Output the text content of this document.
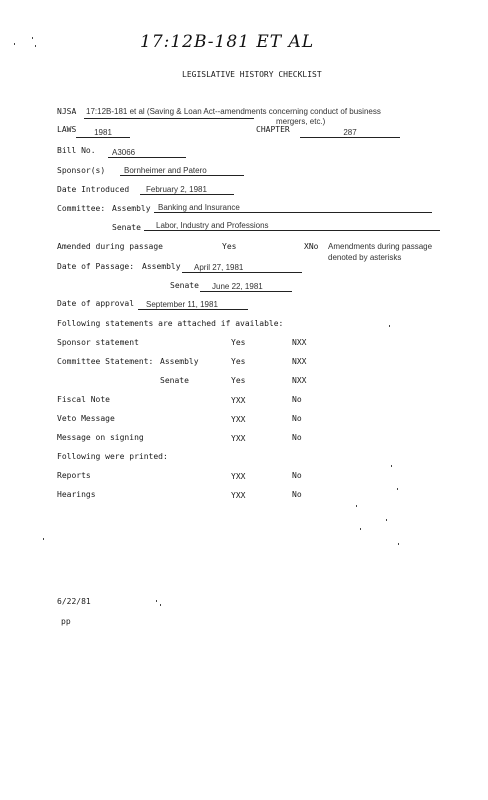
17:12B-181 ET AL
LEGISLATIVE HISTORY CHECKLIST
NJSA 17:12B-181 et al (Saving & Loan Act--amendments concerning conduct of business
mergers, etc.)
LAWS	1981	CHAPTER	287
Bill No.	A3066
Sponsor(s)	Bornheimer and Patero
Date Introduced	February 2, 1981
Committee: Assembly Banking and Insurance
Senate	Labor, Industry and Professions
Amended during passage	Yes	XNo Amendments during passage
denoted by asterisks
Date of Passage: Assembly	April 27, 1981
Senate	June 22, 1981
Date of approval	September 11, 1981
Following statements are attached if available:
Sponsor statement	Yes	NXX
Committee Statement: Assembly	Yes	NXX
Senate	Yes	NXX
Fiscal Note	YXX	No
Veto Message	YXX	No
Message on signing	YXX	No
Following were printed:
Reports	YXX	No
Hearings	YXX	No
6/22/81
pp
